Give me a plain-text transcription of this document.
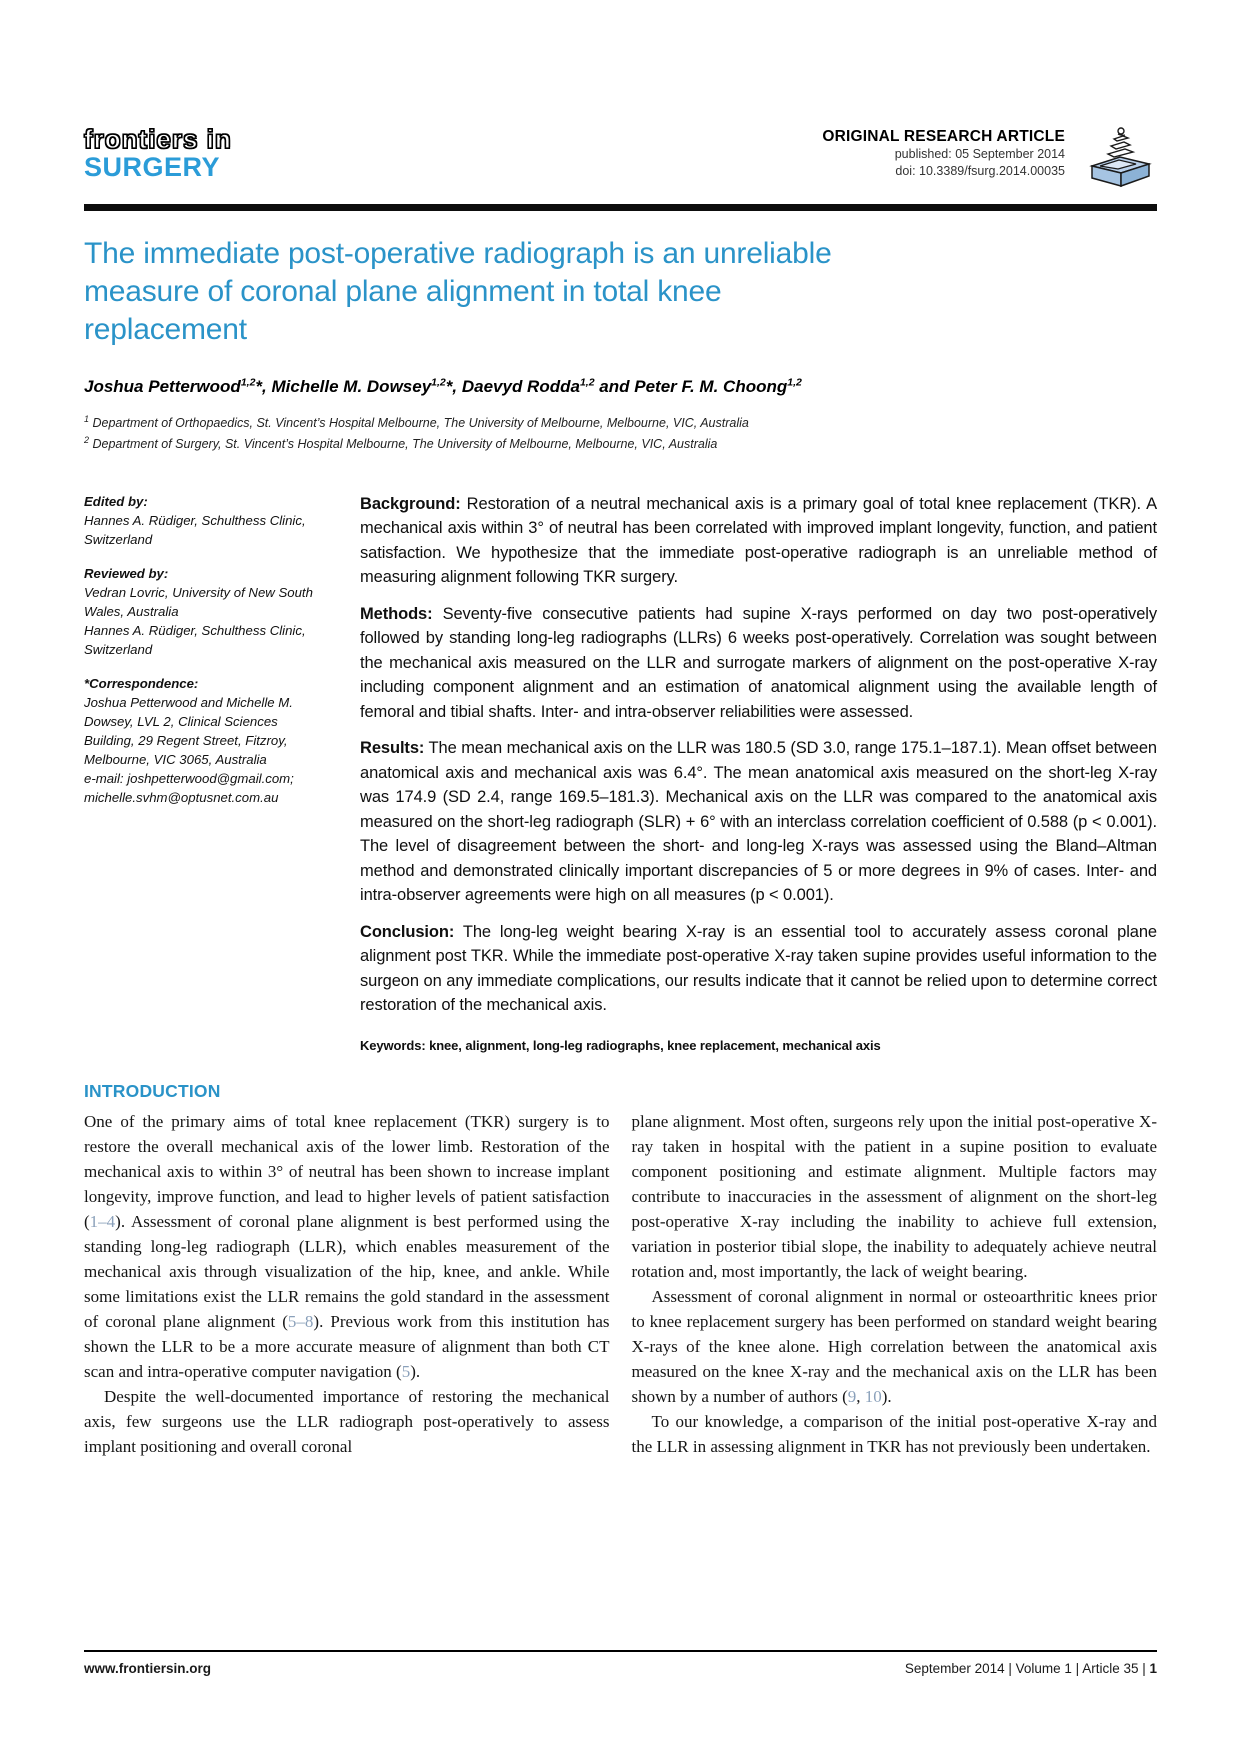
frontiers in
SURGERY
ORIGINAL RESEARCH ARTICLE
published: 05 September 2014
doi: 10.3389/fsurg.2014.00035
The immediate post-operative radiograph is an unreliable
measure of coronal plane alignment in total knee
replacement
Joshua Petterwood$^{1,2}$*, Michelle M. Dowsey$^{1,2}$*, Daevyd Rodda$^{1,2}$ and Peter F. M. Choong$^{1,2}$
$^1$ Department of Orthopaedics, St. Vincent’s Hospital Melbourne, The University of Melbourne, Melbourne, VIC, Australia
$^2$ Department of Surgery, St. Vincent’s Hospital Melbourne, The University of Melbourne, Melbourne, VIC, Australia
Edited by:
Hannes A. Rüdiger, Schulthess Clinic, Switzerland
Reviewed by:
Vedran Lovric, University of New South Wales, Australia
Hannes A. Rüdiger, Schulthess Clinic, Switzerland
*Correspondence:
Joshua Petterwood and Michelle M. Dowsey, LVL 2, Clinical Sciences Building, 29 Regent Street, Fitzroy, Melbourne, VIC 3065, Australia
e-mail: joshpetterwood@gmail.com; michelle.svhm@optusnet.com.au

Background: Restoration of a neutral mechanical axis is a primary goal of total knee replacement (TKR). A mechanical axis within 3° of neutral has been correlated with improved implant longevity, function, and patient satisfaction. We hypothesize that the immediate post-operative radiograph is an unreliable method of measuring alignment following TKR surgery.

Methods: Seventy-five consecutive patients had supine X-rays performed on day two post-operatively followed by standing long-leg radiographs (LLRs) 6 weeks post-operatively. Correlation was sought between the mechanical axis measured on the LLR and surrogate markers of alignment on the post-operative X-ray including component alignment and an estimation of anatomical alignment using the available length of femoral and tibial shafts. Inter- and intra-observer reliabilities were assessed.

Results: The mean mechanical axis on the LLR was 180.5 (SD 3.0, range 175.1–187.1). Mean offset between anatomical axis and mechanical axis was 6.4°. The mean anatomical axis measured on the short-leg X-ray was 174.9 (SD 2.4, range 169.5–181.3). Mechanical axis on the LLR was compared to the anatomical axis measured on the short-leg radiograph (SLR) + 6° with an interclass correlation coefficient of 0.588 (p < 0.001). The level of disagreement between the short- and long-leg X-rays was assessed using the Bland–Altman method and demonstrated clinically important discrepancies of 5 or more degrees in 9% of cases. Inter- and intra-observer agreements were high on all measures (p < 0.001).

Conclusion: The long-leg weight bearing X-ray is an essential tool to accurately assess coronal plane alignment post TKR. While the immediate post-operative X-ray taken supine provides useful information to the surgeon on any immediate complications, our results indicate that it cannot be relied upon to determine correct restoration of the mechanical axis.

Keywords: knee, alignment, long-leg radiographs, knee replacement, mechanical axis
INTRODUCTION

One of the primary aims of total knee replacement (TKR) surgery is to restore the overall mechanical axis of the lower limb. Restoration of the mechanical axis to within 3° of neutral has been shown to increase implant longevity, improve function, and lead to higher levels of patient satisfaction (1–4). Assessment of coronal plane alignment is best performed using the standing long-leg radiograph (LLR), which enables measurement of the mechanical axis through visualization of the hip, knee, and ankle. While some limitations exist the LLR remains the gold standard in the assessment of coronal plane alignment (5–8). Previous work from this institution has shown the LLR to be a more accurate measure of alignment than both CT scan and intra-operative computer navigation (5).

Despite the well-documented importance of restoring the mechanical axis, few surgeons use the LLR radiograph post-operatively to assess implant positioning and overall coronal

plane alignment. Most often, surgeons rely upon the initial post-operative X-ray taken in hospital with the patient in a supine position to evaluate component positioning and estimate alignment. Multiple factors may contribute to inaccuracies in the assessment of alignment on the short-leg post-operative X-ray including the inability to achieve full extension, variation in posterior tibial slope, the inability to adequately achieve neutral rotation and, most importantly, the lack of weight bearing.

Assessment of coronal alignment in normal or osteoarthritic knees prior to knee replacement surgery has been performed on standard weight bearing X-rays of the knee alone. High correlation between the anatomical axis measured on the knee X-ray and the mechanical axis on the LLR has been shown by a number of authors (9, 10).

To our knowledge, a comparison of the initial post-operative X-ray and the LLR in assessing alignment in TKR has not previously been undertaken.

www.frontiersin.org	September 2014 | Volume 1 | Article 35 | 1
